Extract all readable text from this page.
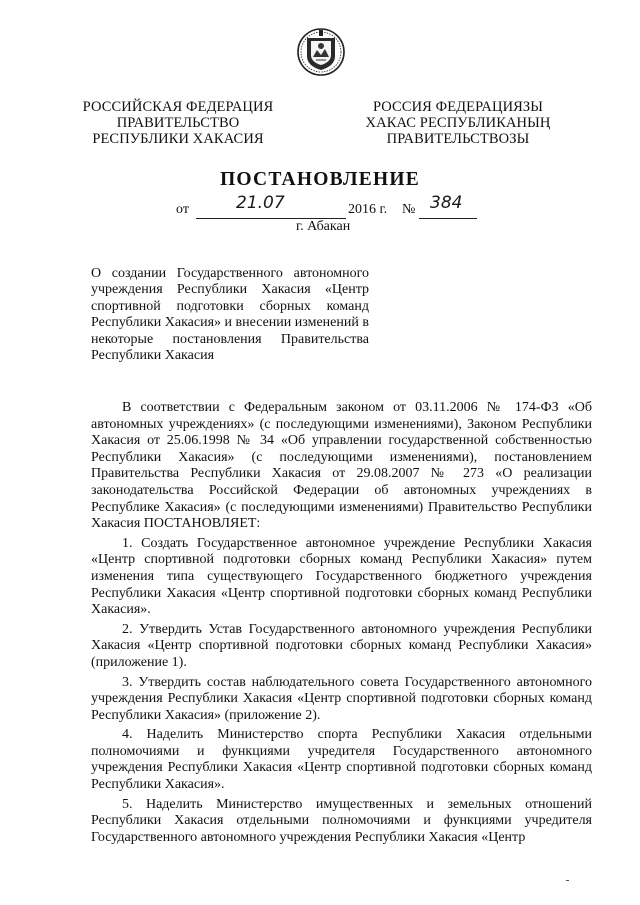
РОССИЙСКАЯ ФЕДЕРАЦИЯ
ПРАВИТЕЛЬСТВО
РЕСПУБЛИКИ ХАКАСИЯ
РОССИЯ ФЕДЕРАЦИЯЗЫ
ХАКАС РЕСПУБЛИКАНЫҢ
ПРАВИТЕЛЬСТВОЗЫ
ПОСТАНОВЛЕНИЕ
от	21.07	2016 г. № 384
г. Абакан
О создании Государственного автономного учреждения Республики Хакасия «Центр спортивной подготовки сборных команд Республики Хакасия» и внесении изменений в некоторые постановления Правительства Республики Хакасия

В соответствии с Федеральным законом от 03.11.2006 № 174-ФЗ «Об автономных учреждениях» (с последующими изменениями), Законом Республики Хакасия от 25.06.1998 № 34 «Об управлении государственной собственностью Республики Хакасия» (с последующими изменениями), постановлением Правительства Республики Хакасия от 29.08.2007 № 273 «О реализации законодательства Российской Федерации об автономных учреждениях в Республике Хакасия» (с последующими изменениями) Правительство Республики Хакасия ПОСТАНОВЛЯЕТ:

1. Создать Государственное автономное учреждение Республики Хакасия «Центр спортивной подготовки сборных команд Республики Хакасия» путем изменения типа существующего Государственного бюджетного учреждения Республики Хакасия «Центр спортивной подготовки сборных команд Республики Хакасия».

2. Утвердить Устав Государственного автономного учреждения Республики Хакасия «Центр спортивной подготовки сборных команд Республики Хакасия» (приложение 1).

3. Утвердить состав наблюдательного совета Государственного автономного учреждения Республики Хакасия «Центр спортивной подготовки сборных команд Республики Хакасия» (приложение 2).

4. Наделить Министерство спорта Республики Хакасия отдельными полномочиями и функциями учредителя Государственного автономного учреждения Республики Хакасия «Центр спортивной подготовки сборных команд Республики Хакасия».

5. Наделить Министерство имущественных и земельных отношений Республики Хакасия отдельными полномочиями и функциями учредителя Государственного автономного учреждения Республики Хакасия «Центр
